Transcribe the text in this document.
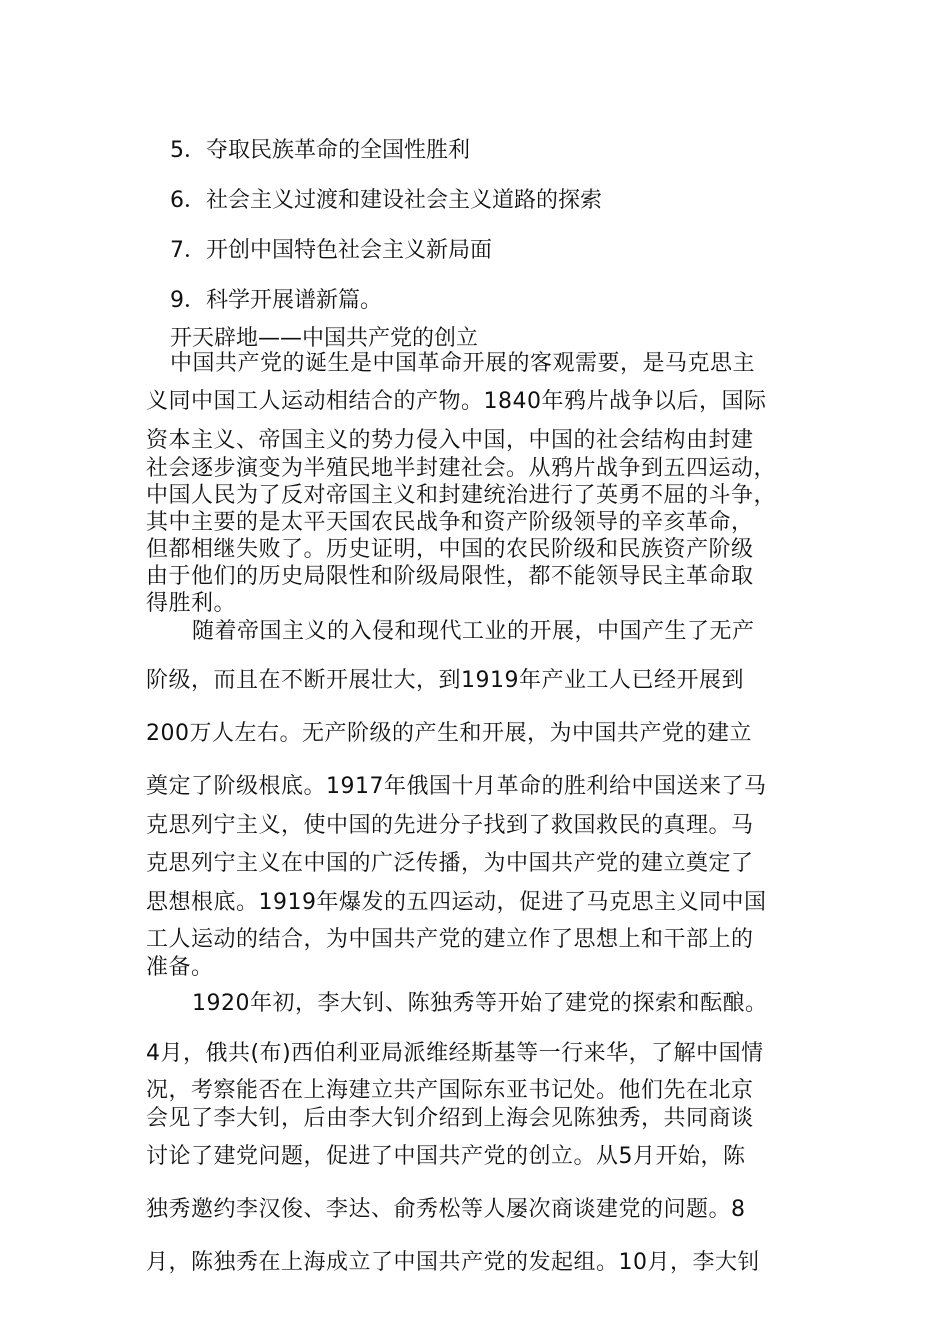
5．夺取民族革命的全国性胜利
6．社会主义过渡和建设社会主义道路的探索
7．开创中国特色社会主义新局面
9．科学开展谱新篇。
开天辟地——中国共产党的创立
中国共产党的诞生是中国革命开展的客观需要，是马克思主
义同中国工人运动相结合的产物。1840年鸦片战争以后，国际
资本主义、帝国主义的势力侵入中国，中国的社会结构由封建
社会逐步演变为半殖民地半封建社会。从鸦片战争到五四运动，
中国人民为了反对帝国主义和封建统治进行了英勇不屈的斗争，
其中主要的是太平天国农民战争和资产阶级领导的辛亥革命，
但都相继失败了。历史证明，中国的农民阶级和民族资产阶级
由于他们的历史局限性和阶级局限性，都不能领导民主革命取
得胜利。
随着帝国主义的入侵和现代工业的开展，中国产生了无产
阶级，而且在不断开展壮大，到1919年产业工人已经开展到
200万人左右。无产阶级的产生和开展，为中国共产党的建立
奠定了阶级根底。1917年俄国十月革命的胜利给中国送来了马
克思列宁主义，使中国的先进分子找到了救国救民的真理。马
克思列宁主义在中国的广泛传播，为中国共产党的建立奠定了
思想根底。1919年爆发的五四运动，促进了马克思主义同中国
工人运动的结合，为中国共产党的建立作了思想上和干部上的
准备。
1920年初，李大钊、陈独秀等开始了建党的探索和酝酿。
4月，俄共(布)西伯利亚局派维经斯基等一行来华，了解中国情
况，考察能否在上海建立共产国际东亚书记处。他们先在北京
会见了李大钊，后由李大钊介绍到上海会见陈独秀，共同商谈
讨论了建党问题，促进了中国共产党的创立。从5月开始，陈
独秀邀约李汉俊、李达、俞秀松等人屡次商谈建党的问题。8
月，陈独秀在上海成立了中国共产党的发起组。10月，李大钊
